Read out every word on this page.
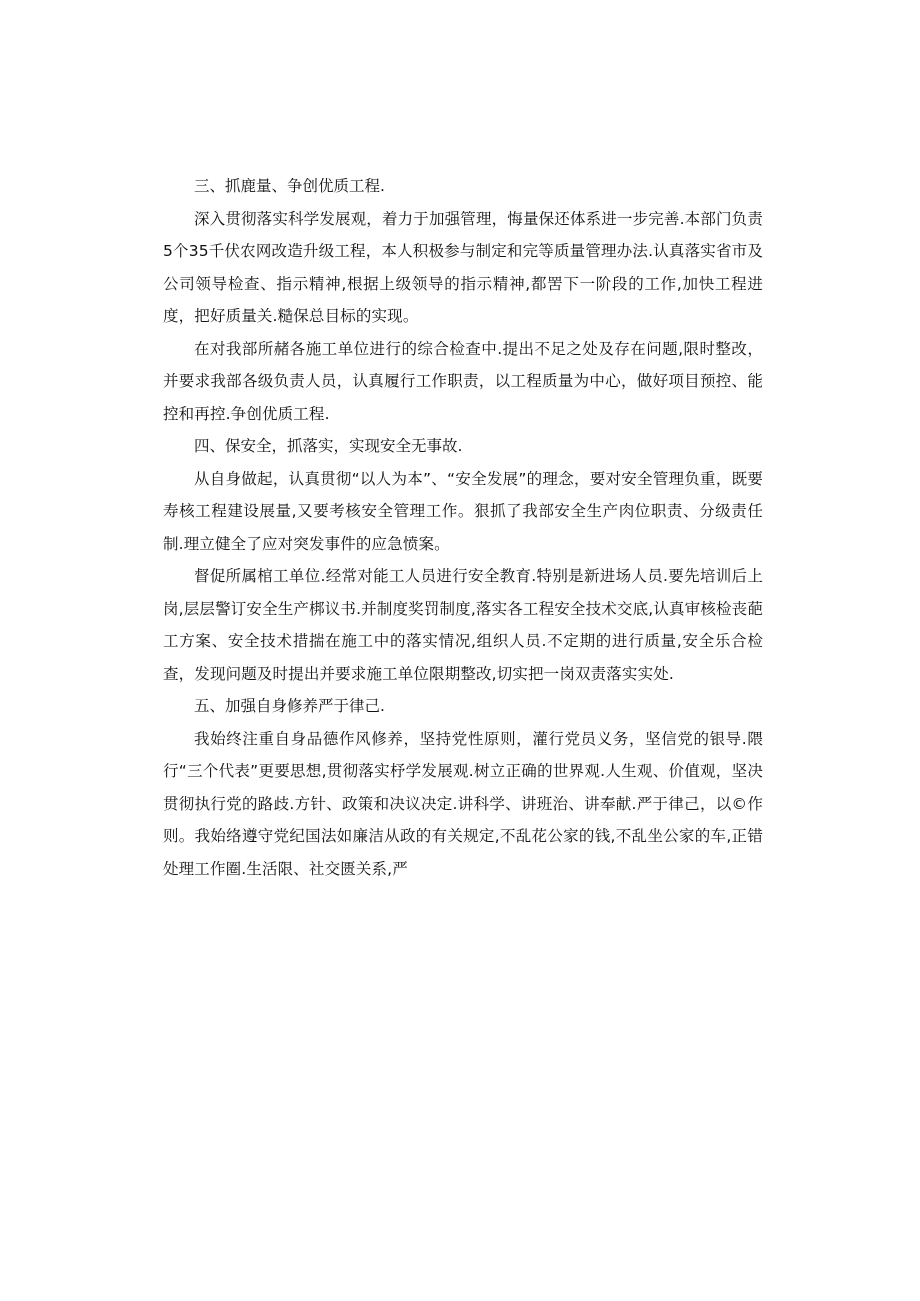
三、抓鹿量、争创优质工程.

深入贯彻落实科学发展观，着力于加强管理，悔量保还体系进一步完善.本部门负责5个35千伏农网改造升级工程，本人积极参与制定和完等质量管理办法.认真落实省市及公司领导检查、指示精神,根据上级领导的指示精神,都罟下一阶段的工作,加快工程进度，把好质量关.糙保总目标的实现。

在对我部所赭各施工单位进行的综合检查中.提出不足之处及存在问题,限时整改，并要求我部各级负责人员，认真履行工作职责，以工程质量为中心，做好项目预控、能控和再控.争创优质工程.

四、保安全，抓落实，实现安全无事故.

从自身做起，认真贯彻“以人为本”、“安全发展”的理念，要对安全管理负重，既要寿核工程建设展量,又要考核安全管理工作。狠抓了我部安全生产肉位职责、分级责任制.理立健全了应对突发事件的应急愤案。

督促所属棺工单位.经常对能工人员进行安全教育.特别是新进场人员.要先培训后上岗,层层警订安全生产梆议书.并制度奖罚制度,落实各工程安全技术交底,认真审核检丧葩工方案、安全技术措揣在施工中的落实情况,组织人员.不定期的进行质量,安全乐合检查，发现问题及时提出并要求施工单位限期整改,切实把一岗双责落实实处.

五、加强自身修养严于律己.

我始终注重自身品德作风修养，坚持党性原则，灌行党员义务，坚信党的银导.隈行“三个代表”更要思想,贯彻落实杼学发展观.树立正确的世界观.人生观、价值观，坚决贯彻执行党的路歧.方针、政策和决议决定.讲科学、讲班治、讲奉献.严于律己，以©作则。我始络遵守党纪国法如廉洁从政的有关规定,不乱花公家的钱,不乱坐公家的车,正错处理工作圈.生活限、社交匮关系,严
